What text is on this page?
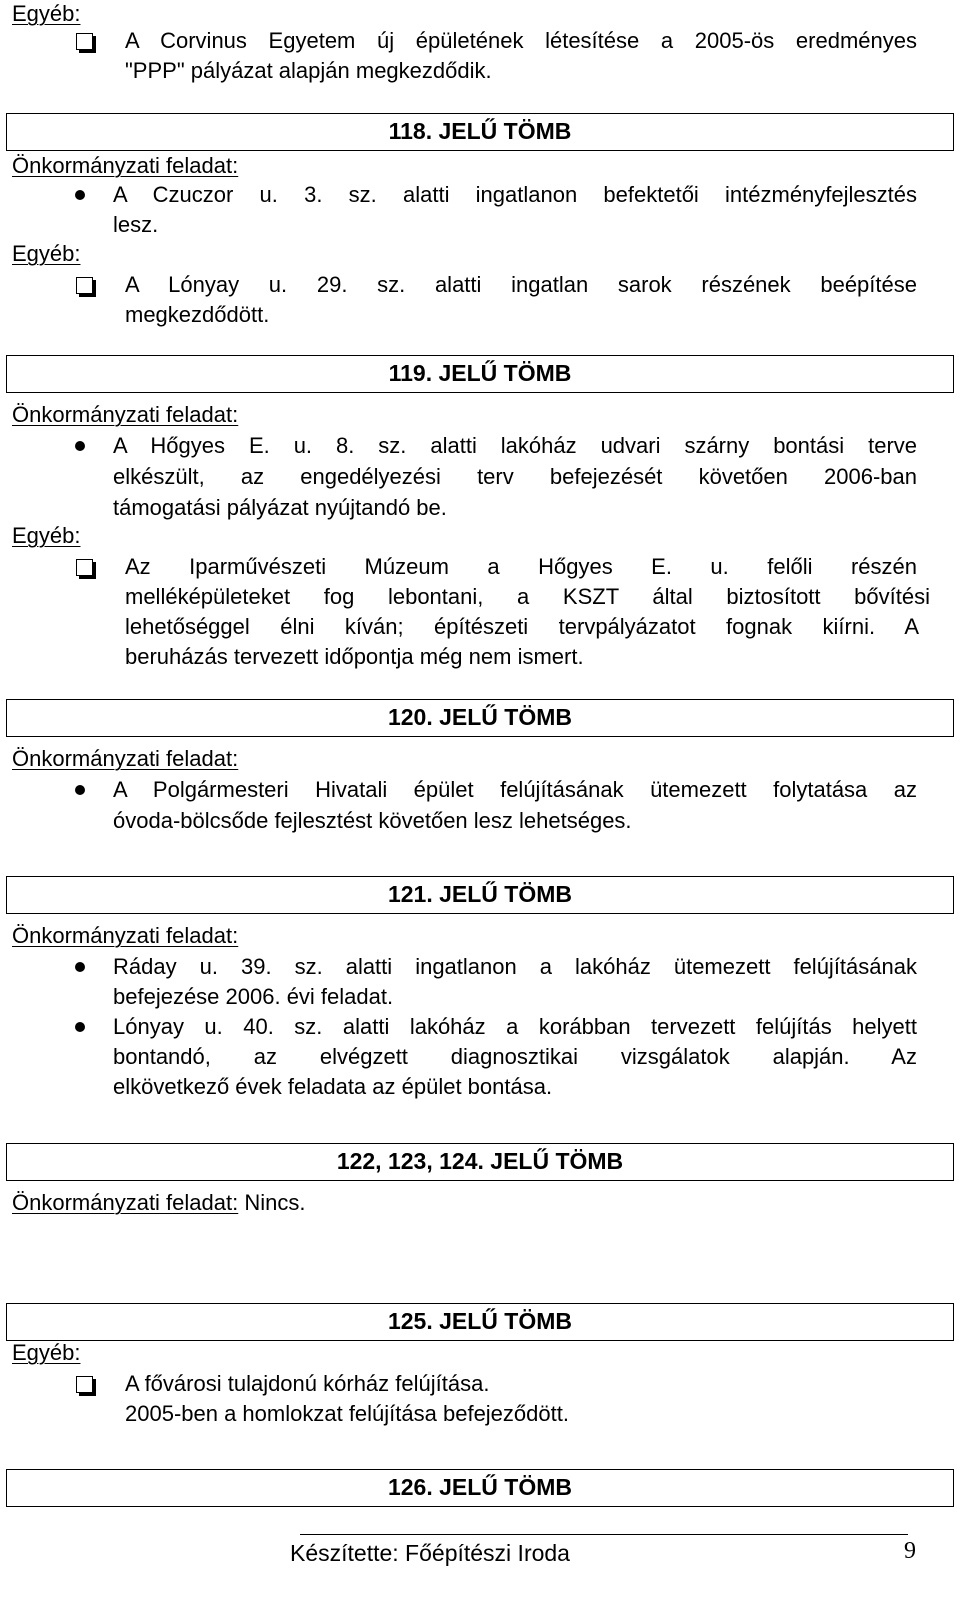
Egyéb:
A Corvinus Egyetem új épületének létesítése a 2005-ös eredményes
"PPP" pályázat alapján megkezdődik.
118. JELŰ TÖMB
Önkormányzati feladat:
A Czuczor u. 3. sz. alatti ingatlanon befektetői intézményfejlesztés
lesz.
Egyéb:
A Lónyay u. 29. sz. alatti ingatlan sarok részének beépítése
megkezdődött.
119. JELŰ TÖMB
Önkormányzati feladat:
A Hőgyes E. u. 8. sz. alatti lakóház udvari szárny bontási terve
elkészült, az engedélyezési terv befejezését követően 2006-ban
támogatási pályázat nyújtandó be.
Egyéb:
Az Iparművészeti Múzeum a Hőgyes E. u. felőli részén
melléképületeket fog lebontani, a KSZT által biztosított bővítési
lehetőséggel élni kíván; építészeti tervpályázatot fognak kiírni. A
beruházás tervezett időpontja még nem ismert.
120. JELŰ TÖMB
Önkormányzati feladat:
A Polgármesteri Hivatali épület felújításának ütemezett folytatása az
óvoda-bölcsőde fejlesztést követően lesz lehetséges.
121. JELŰ TÖMB
Önkormányzati feladat:
Ráday u. 39. sz. alatti ingatlanon a lakóház ütemezett felújításának
befejezése 2006. évi feladat.
Lónyay u. 40. sz. alatti lakóház a korábban tervezett felújítás helyett
bontandó, az elvégzett diagnosztikai vizsgálatok alapján. Az
elkövetkező évek feladata az épület bontása.
122, 123, 124. JELŰ TÖMB
Önkormányzati feladat: Nincs.
125. JELŰ TÖMB
Egyéb:
A fővárosi tulajdonú kórház felújítása.
2005-ben a homlokzat felújítása befejeződött.
126. JELŰ TÖMB
Készítette: Főépítészi Iroda	9
